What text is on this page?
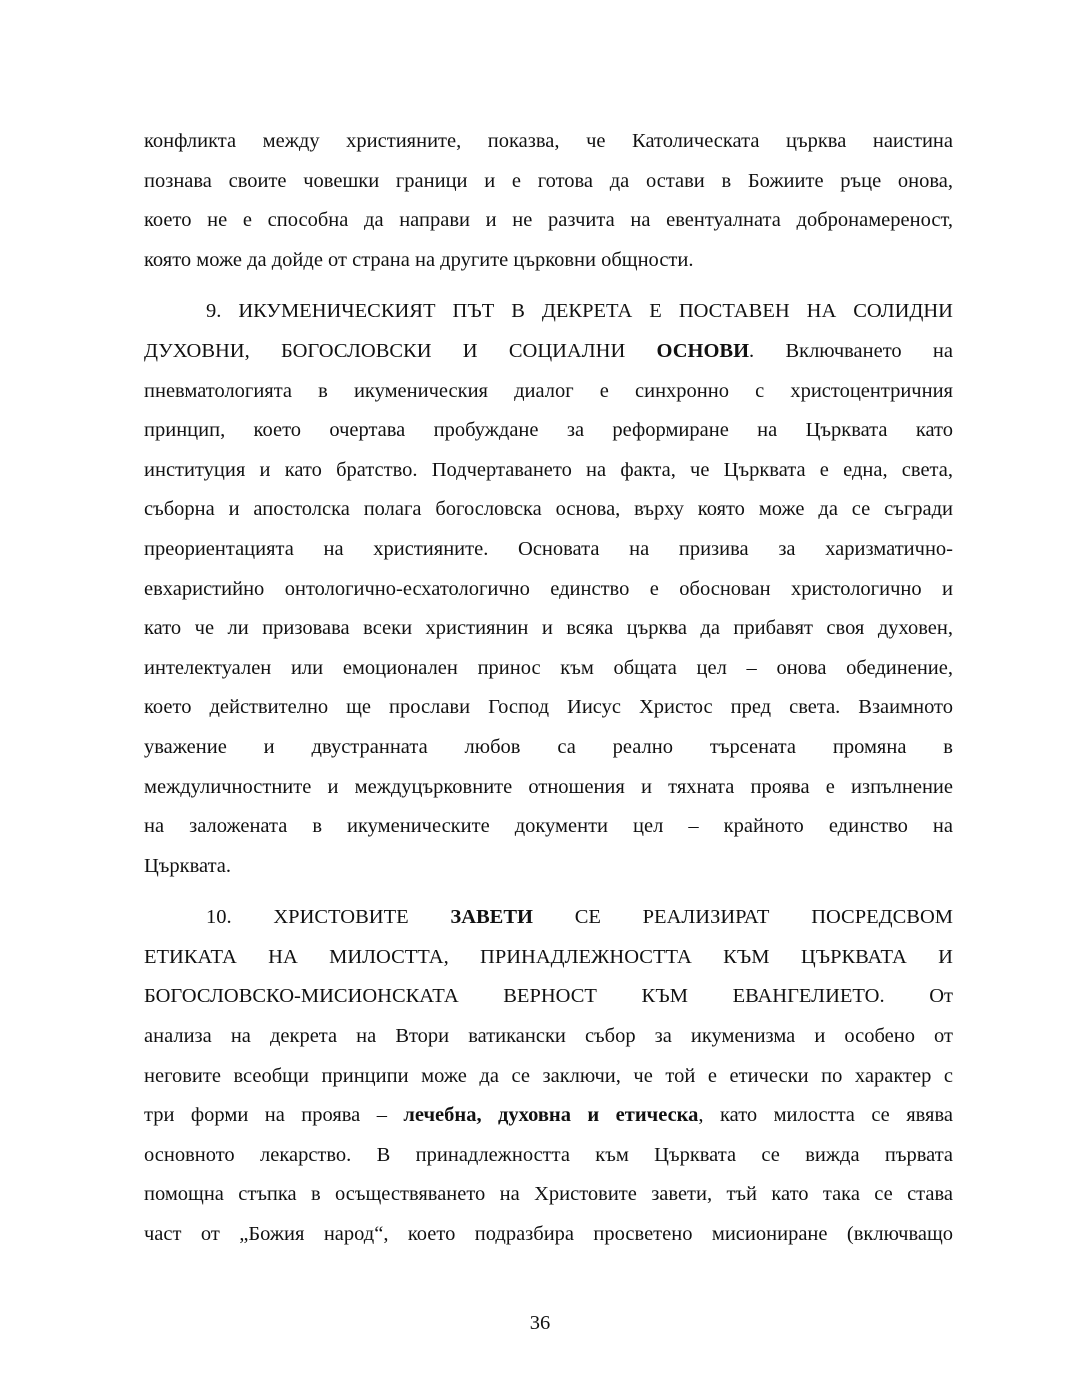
конфликта между християните, показва, че Католическата църква наистина
познава своите човешки граници и е готова да остави в Божиите ръце онова,
което не е способна да направи и не разчита на евентуалната добронамереност,
която може да дойде от страна на другите църковни общности.
9. ИКУМЕНИЧЕСКИЯТ ПЪТ В ДЕКРЕТА Е ПОСТАВЕН НА СОЛИДНИ
ДУХОВНИ, БОГОСЛОВСКИ И СОЦИАЛНИ ОСНОВИ. Включването на
пневматологията в икуменическия диалог е синхронно с христоцентричния
принцип, което очертава пробуждане за реформиране на Църквата като
институция и като братство. Подчертаването на факта, че Църквата е една, света,
съборна и апостолска полага богословска основа, върху която може да се съгради
преориентацията на християните. Основата на призива за харизматично-
евхаристийно онтологично-есхатологично единство е обоснован христологично и
като че ли призовава всеки християнин и всяка църква да прибавят своя духовен,
интелектуален или емоционален принос към общата цел – онова обединение,
което действително ще прослави Господ Иисус Христос пред света. Взаимното
уважение и двустранната любов са реално търсената промяна в
междуличностните и междуцърковните отношения и тяхната проява е изпълнение
на заложената в икуменическите документи цел – крайното единство на
Църквата.
10. ХРИСТОВИТЕ ЗАВЕТИ СЕ РЕАЛИЗИРАТ ПОСРЕДСВОМ
ЕТИКАТА НА МИЛОСТТА, ПРИНАДЛЕЖНОСТТА КЪМ ЦЪРКВАТА И
БОГОСЛОВСКО-МИСИОНСКАТА ВЕРНОСТ КЪМ ЕВАНГЕЛИЕТО. От
анализа на декрета на Втори ватикански събор за икуменизма и особено от
неговите всеобщи принципи може да се заключи, че той е етически по характер с
три форми на проява – лечебна, духовна и етическа, като милостта се явява
основното лекарство. В принадлежността към Църквата се вижда първата
помощна стъпка в осъществяването на Христовите завети, тъй като така се става
част от „Божия народ“, което подразбира просветено мисиониране (включващо
36
